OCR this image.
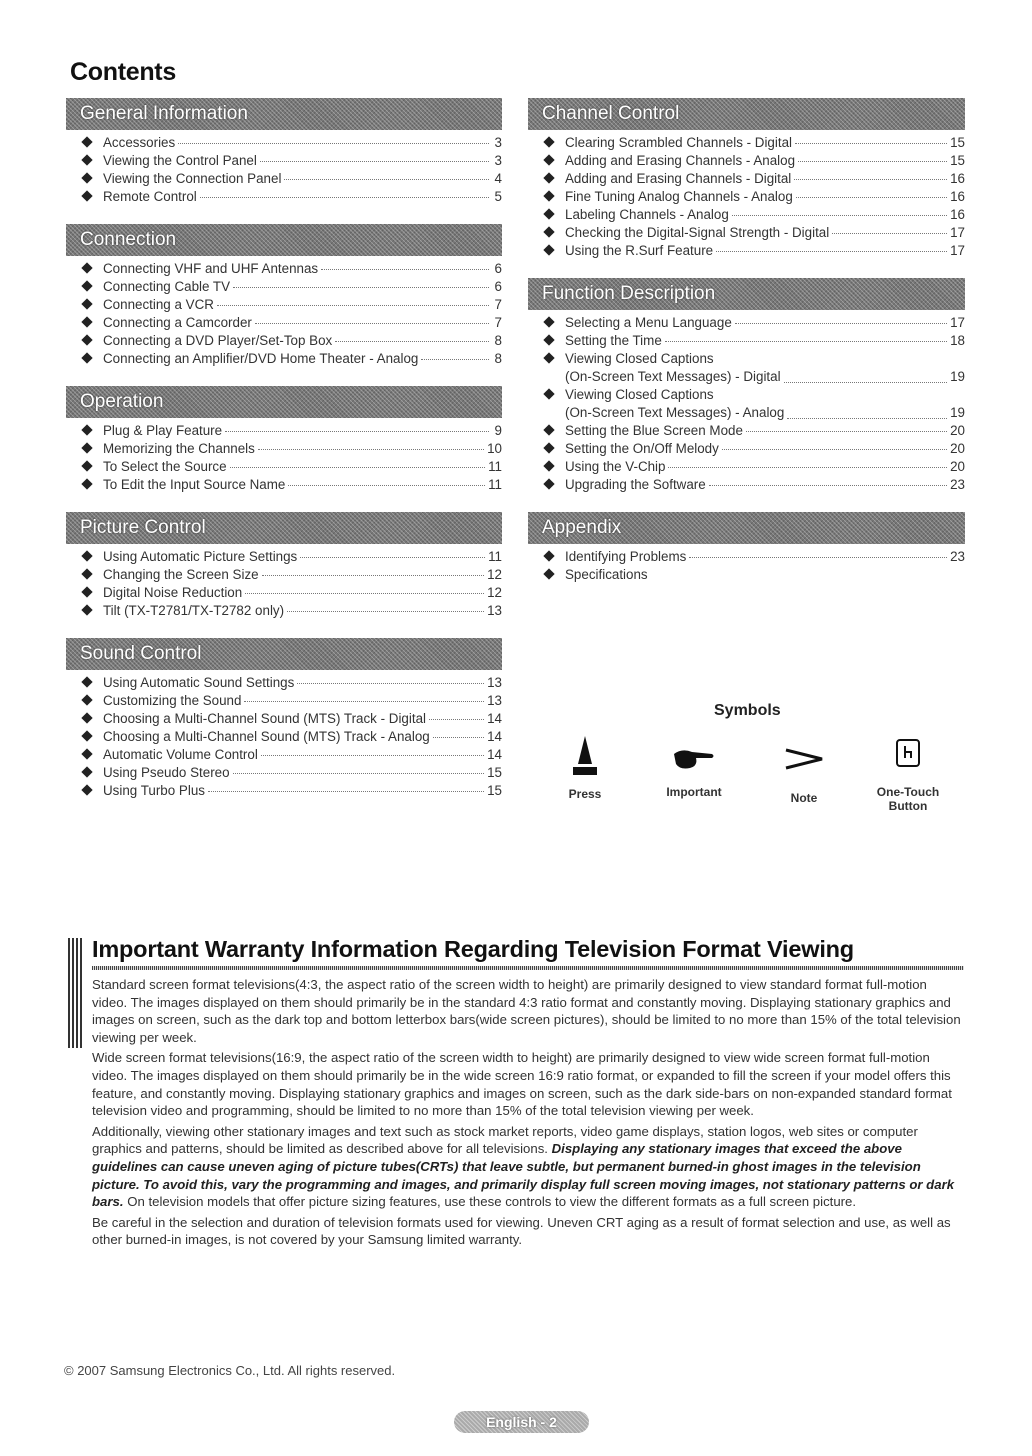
Contents
General Information
Accessories	3
Viewing the Control Panel	3
Viewing the Connection Panel	4
Remote Control	5
Connection
Connecting VHF and UHF Antennas	6
Connecting Cable TV	6
Connecting a VCR	7
Connecting a Camcorder	7
Connecting a DVD Player/Set-Top Box	8
Connecting an Amplifier/DVD Home Theater - Analog	8
Operation
Plug & Play Feature	9
Memorizing the Channels	10
To Select the Source	11
To Edit the Input Source Name	11
Picture Control
Using Automatic Picture Settings	11
Changing the Screen Size	12
Digital Noise Reduction	12
Tilt (TX-T2781/TX-T2782 only)	13
Sound Control
Using Automatic Sound Settings	13
Customizing the Sound	13
Choosing a Multi-Channel Sound (MTS) Track - Digital	14
Choosing a Multi-Channel Sound (MTS) Track - Analog	14
Automatic Volume Control	14
Using Pseudo Stereo	15
Using Turbo Plus	15
Channel Control
Clearing Scrambled Channels - Digital	15
Adding and Erasing Channels - Analog	15
Adding and Erasing Channels - Digital	16
Fine Tuning Analog Channels - Analog	16
Labeling Channels - Analog	16
Checking the Digital-Signal Strength - Digital	17
Using the R.Surf Feature	17
Function Description
Selecting a Menu Language	17
Setting the Time	18
Viewing Closed Captions
(On-Screen Text Messages) - Digital	19
Viewing Closed Captions
(On-Screen Text Messages) - Analog	19
Setting the Blue Screen Mode	20
Setting the On/Off Melody	20
Using the V-Chip	20
Upgrading the Software	23
Appendix
Identifying Problems	23
Specifications
Symbols
Press	Important	Note	One-Touch
Button
Important Warranty Information Regarding Television Format Viewing

Standard screen format televisions(4:3, the aspect ratio of the screen width to height) are primarily designed to view standard format full-motion video. The images displayed on them should primarily be in the standard 4:3 ratio format and constantly moving. Displaying stationary graphics and images on screen, such as the dark top and bottom letterbox bars(wide screen pictures), should be limited to no more than 15% of the total television viewing per week.

Wide screen format televisions(16:9, the aspect ratio of the screen width to height) are primarily designed to view wide screen format full-motion video. The images displayed on them should primarily be in the wide screen 16:9 ratio format, or expanded to fill the screen if your model offers this feature, and constantly moving. Displaying stationary graphics and images on screen, such as the dark side-bars on non-expanded standard format television video and programming, should be limited to no more than 15% of the total television viewing per week.

Additionally, viewing other stationary images and text such as stock market reports, video game displays, station logos, web sites or computer graphics and patterns, should be limited as described above for all televisions. Displaying any stationary images that exceed the above guidelines can cause uneven aging of picture tubes(CRTs) that leave subtle, but permanent burned-in ghost images in the television picture. To avoid this, vary the programming and images, and primarily display full screen moving images, not stationary patterns or dark bars. On television models that offer picture sizing features, use these controls to view the different formats as a full screen picture.

Be careful in the selection and duration of television formats used for viewing. Uneven CRT aging as a result of format selection and use, as well as other burned-in images, is not covered by your Samsung limited warranty.

© 2007 Samsung Electronics Co., Ltd. All rights reserved.
English - 2
